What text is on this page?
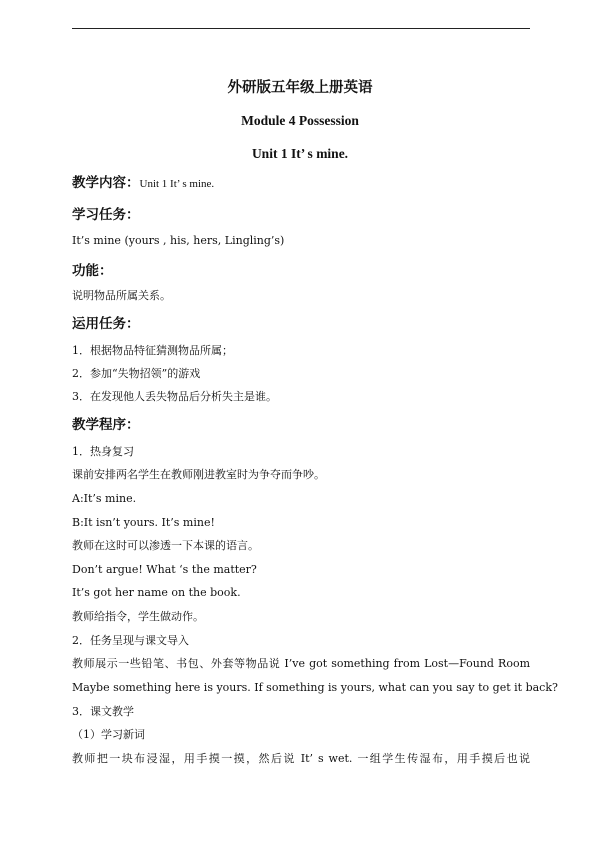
外研版五年级上册英语
Module 4 Possession
Unit 1 It’ s mine.
教学内容：Unit 1 It’ s mine.
学习任务：
It’s mine (yours , his, hers, Lingling’s)
功能：
说明物品所属关系。
运用任务：
1．根据物品特征猜测物品所属；
2．参加“失物招领”的游戏
3．在发现他人丢失物品后分析失主是谁。
教学程序：
1．热身复习
课前安排两名学生在教师刚进教室时为争夺而争吵。
A:It’s mine.
B:It isn’t yours. It’s mine!
教师在这时可以渗透一下本课的语言。
Don’t argue! What ‘s the matter?
It’s got her name on the book.
教师给指令，学生做动作。
2．任务呈现与课文导入
教师展示一些铅笔、书包、外套等物品说 I’ve got something from Lost—Found Room
Maybe something here is yours. If something is yours, what can you say to get it back?
3．课文教学
（1）学习新词
教师把一块布浸湿，用手摸一摸，然后说 It’ s wet. 一组学生传湿布，用手摸后也说
